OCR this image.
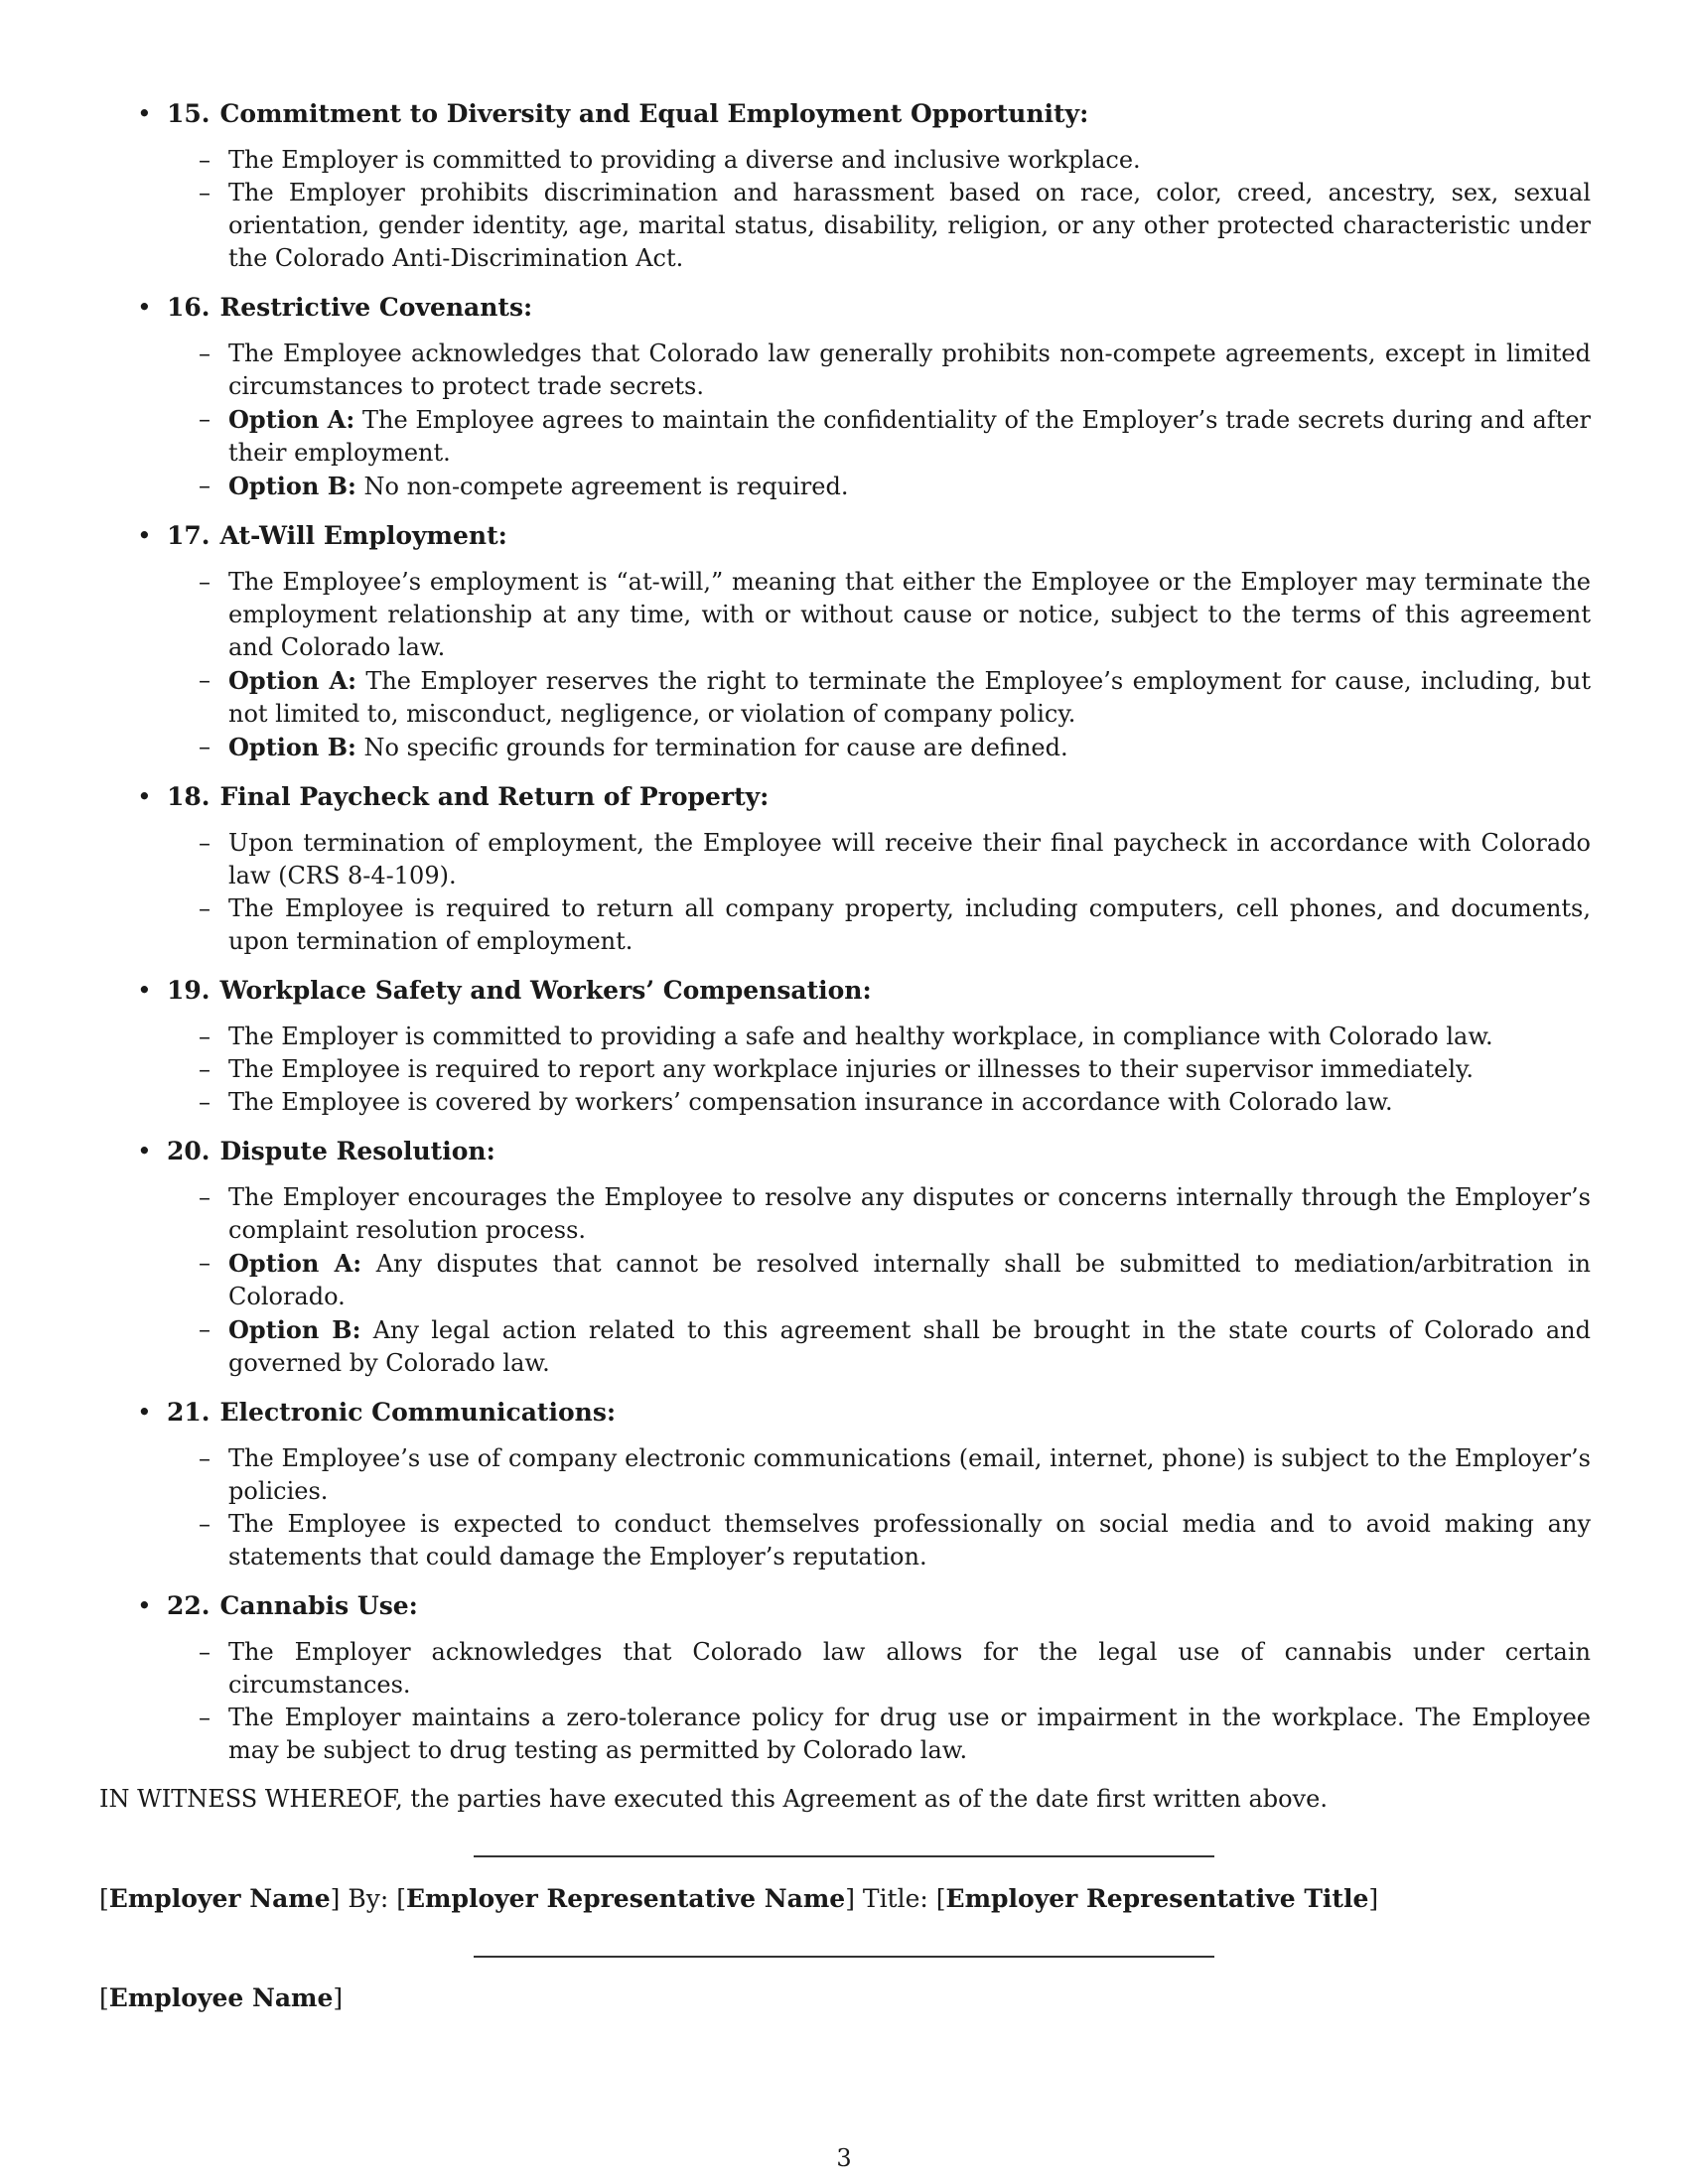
• 15. Commitment to Diversity and Equal Employment Opportunity:
– The Employer is committed to providing a diverse and inclusive workplace.
– The Employer prohibits discrimination and harassment based on race, color, creed, ancestry, sex, sexual orientation, gender identity, age, marital status, disability, religion, or any other protected characteristic under the Colorado Anti-Discrimination Act.
• 16. Restrictive Covenants:
– The Employee acknowledges that Colorado law generally prohibits non-compete agreements, except in limited circumstances to protect trade secrets.
– Option A: The Employee agrees to maintain the confidentiality of the Employer’s trade secrets during and after their employment.
– Option B: No non-compete agreement is required.
• 17. At-Will Employment:
– The Employee’s employment is “at-will,” meaning that either the Employee or the Employer may terminate the employment relationship at any time, with or without cause or notice, subject to the terms of this agreement and Colorado law.
– Option A: The Employer reserves the right to terminate the Employee’s employment for cause, including, but not limited to, misconduct, negligence, or violation of company policy.
– Option B: No specific grounds for termination for cause are defined.
• 18. Final Paycheck and Return of Property:
– Upon termination of employment, the Employee will receive their final paycheck in accordance with Colorado law (CRS 8-4-109).
– The Employee is required to return all company property, including computers, cell phones, and documents, upon termination of employment.
• 19. Workplace Safety and Workers’ Compensation:
– The Employer is committed to providing a safe and healthy workplace, in compliance with Colorado law.
– The Employee is required to report any workplace injuries or illnesses to their supervisor immediately.
– The Employee is covered by workers’ compensation insurance in accordance with Colorado law.
• 20. Dispute Resolution:
– The Employer encourages the Employee to resolve any disputes or concerns internally through the Employer’s complaint resolution process.
– Option A: Any disputes that cannot be resolved internally shall be submitted to mediation/arbitration in Colorado.
– Option B: Any legal action related to this agreement shall be brought in the state courts of Colorado and governed by Colorado law.
• 21. Electronic Communications:
– The Employee’s use of company electronic communications (email, internet, phone) is subject to the Employer’s policies.
– The Employee is expected to conduct themselves professionally on social media and to avoid making any statements that could damage the Employer’s reputation.
• 22. Cannabis Use:
– The Employer acknowledges that Colorado law allows for the legal use of cannabis under certain circumstances.
– The Employer maintains a zero-tolerance policy for drug use or impairment in the workplace. The Employee may be subject to drug testing as permitted by Colorado law.
IN WITNESS WHEREOF, the parties have executed this Agreement as of the date first written above.
[Employer Name] By: [Employer Representative Name] Title: [Employer Representative Title]
[Employee Name]
3
